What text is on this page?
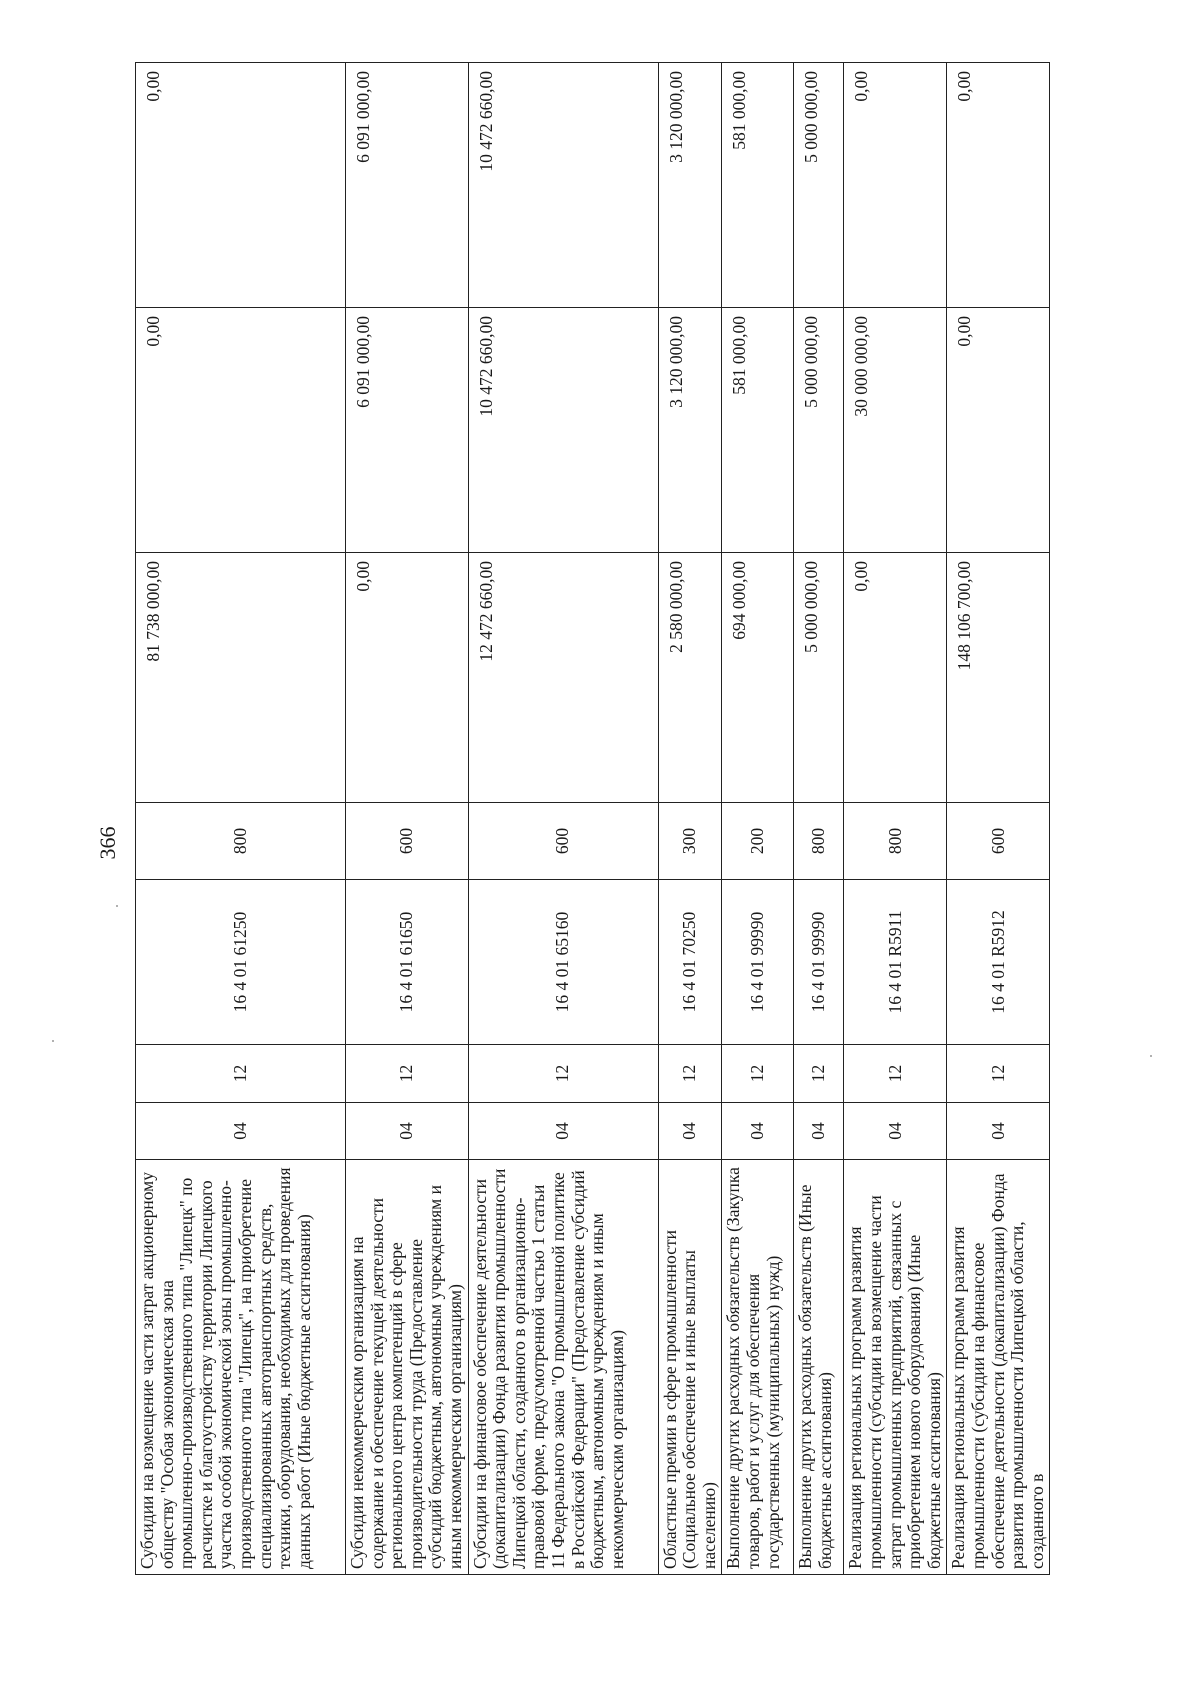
366
Субсидии на возмещение части затрат акционерному обществу "Особая экономическая зона промышленно-производственного типа "Липецк" по расчистке и благоустройству территории Липецкого участка особой экономической зоны промышленно-производственного типа "Липецк", на приобретение специализированных автотранспортных средств, техники, оборудования, необходимых для проведения данных работ (Иные бюджетные ассигнования)	04	12	16 4 01 61250	800	81 738 000,00	0,00	0,00
Субсидии некоммерческим организациям на содержание и обеспечение текущей деятельности регионального центра компетенций в сфере производительности труда (Предоставление субсидий бюджетным, автономным учреждениям и иным некоммерческим организациям)	04	12	16 4 01 61650	600	0,00	6 091 000,00	6 091 000,00
Субсидии на финансовое обеспечение деятельности (докапитализации) Фонда развития промышленности Липецкой области, созданного в организационно-правовой форме, предусмотренной частью 1 статьи 11 Федерального закона "О промышленной политике в Российской Федерации" (Предоставление субсидий бюджетным, автономным учреждениям и иным некоммерческим организациям)	04	12	16 4 01 65160	600	12 472 660,00	10 472 660,00	10 472 660,00
Областные премии в сфере промышленности (Социальное обеспечение и иные выплаты населению)	04	12	16 4 01 70250	300	2 580 000,00	3 120 000,00	3 120 000,00
Выполнение других расходных обязательств (Закупка товаров, работ и услуг для обеспечения государственных (муниципальных) нужд)	04	12	16 4 01 99990	200	694 000,00	581 000,00	581 000,00
Выполнение других расходных обязательств (Иные бюджетные ассигнования)	04	12	16 4 01 99990	800	5 000 000,00	5 000 000,00	5 000 000,00
Реализация региональных программ развития промышленности (субсидии на возмещение части затрат промышленных предприятий, связанных с приобретением нового оборудования) (Иные бюджетные ассигнования)	04	12	16 4 01 R5911	800	0,00	30 000 000,00	0,00
Реализация региональных программ развития промышленности (субсидии на финансовое обеспечение деятельности (докапитализации) Фонда развития промышленности Липецкой области, созданного в	04	12	16 4 01 R5912	600	148 106 700,00	0,00	0,00
